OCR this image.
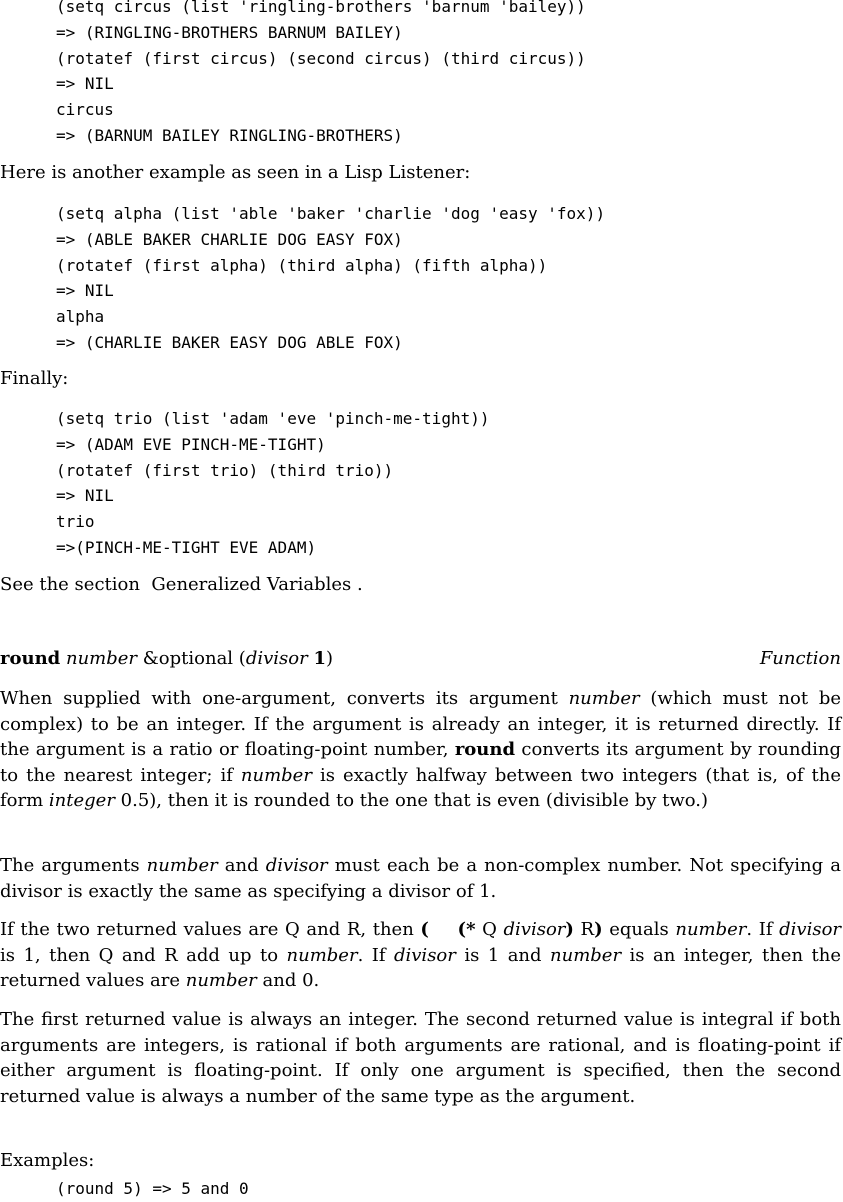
(setq circus (list 'ringling-brothers 'barnum 'bailey))
=> (RINGLING-BROTHERS BARNUM BAILEY)
(rotatef (first circus) (second circus) (third circus))
=> NIL
circus
=> (BARNUM BAILEY RINGLING-BROTHERS)
Here is another example as seen in a Lisp Listener:
(setq alpha (list 'able 'baker 'charlie 'dog 'easy 'fox))
=> (ABLE BAKER CHARLIE DOG EASY FOX)
(rotatef (first alpha) (third alpha) (fifth alpha))
=> NIL
alpha
=> (CHARLIE BAKER EASY DOG ABLE FOX)
Finally:
(setq trio (list 'adam 'eve 'pinch-me-tight))
=> (ADAM EVE PINCH-ME-TIGHT)
(rotatef (first trio) (third trio))
=> NIL
trio
=>(PINCH-ME-TIGHT EVE ADAM)
See the section  Generalized Variables .
round number &optional (divisor 1)	Function

When supplied with one-argument, converts its argument number (which must not be complex) to be an integer. If the argument is already an integer, it is returned directly. If the argument is a ratio or floating-point number, round converts its argument by rounding to the nearest integer; if number is exactly halfway between two integers (that is, of the form integer 0.5), then it is rounded to the one that is even (divisible by two.)

The arguments number and divisor must each be a non-complex number. Not specifying a divisor is exactly the same as specifying a divisor of 1.

If the two returned values are Q and R, then (    (* Q divisor) R) equals number. If divisor is 1, then Q and R add up to number. If divisor is 1 and number is an integer, then the returned values are number and 0.

The first returned value is always an integer. The second returned value is integral if both arguments are integers, is rational if both arguments are rational, and is floating-point if either argument is floating-point. If only one argument is specified, then the second returned value is always a number of the same type as the argument.

Examples:
(round 5) => 5 and 0
